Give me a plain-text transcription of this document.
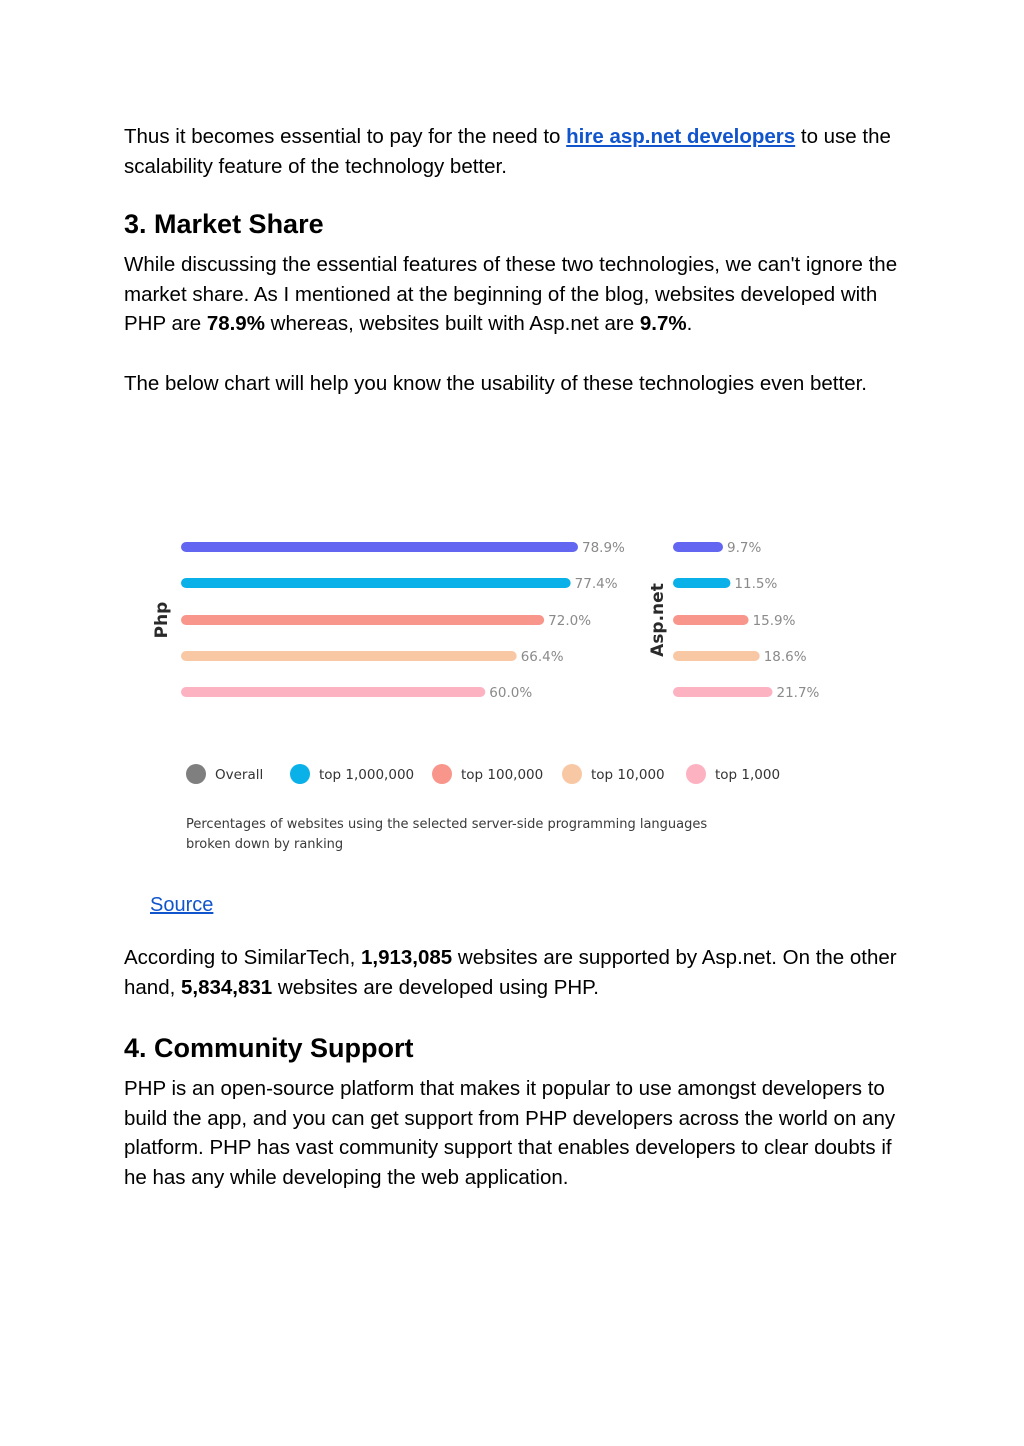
Thus it becomes essential to pay for the need to hire asp.net developers to use the scalability feature of the technology better.

3. Market Share

While discussing the essential features of these two technologies, we can't ignore the market share. As I mentioned at the beginning of the blog, websites developed with PHP are 78.9% whereas, websites built with Asp.net are 9.7%.

The below chart will help you know the usability of these technologies even better.

Php
78.9%
77.4%
72.0%
66.4%
60.0%
Asp.net
9.7%
11.5%
15.9%
18.6%
21.7%
Overall	top 1,000,000	top 100,000	top 10,000	top 1,000
Percentages of websites using the selected server-side programming languages
broken down by ranking
Source

According to SimilarTech, 1,913,085 websites are supported by Asp.net. On the other hand, 5,834,831 websites are developed using PHP.

4. Community Support

PHP is an open-source platform that makes it popular to use amongst developers to build the app, and you can get support from PHP developers across the world on any platform. PHP has vast community support that enables developers to clear doubts if he has any while developing the web application.
